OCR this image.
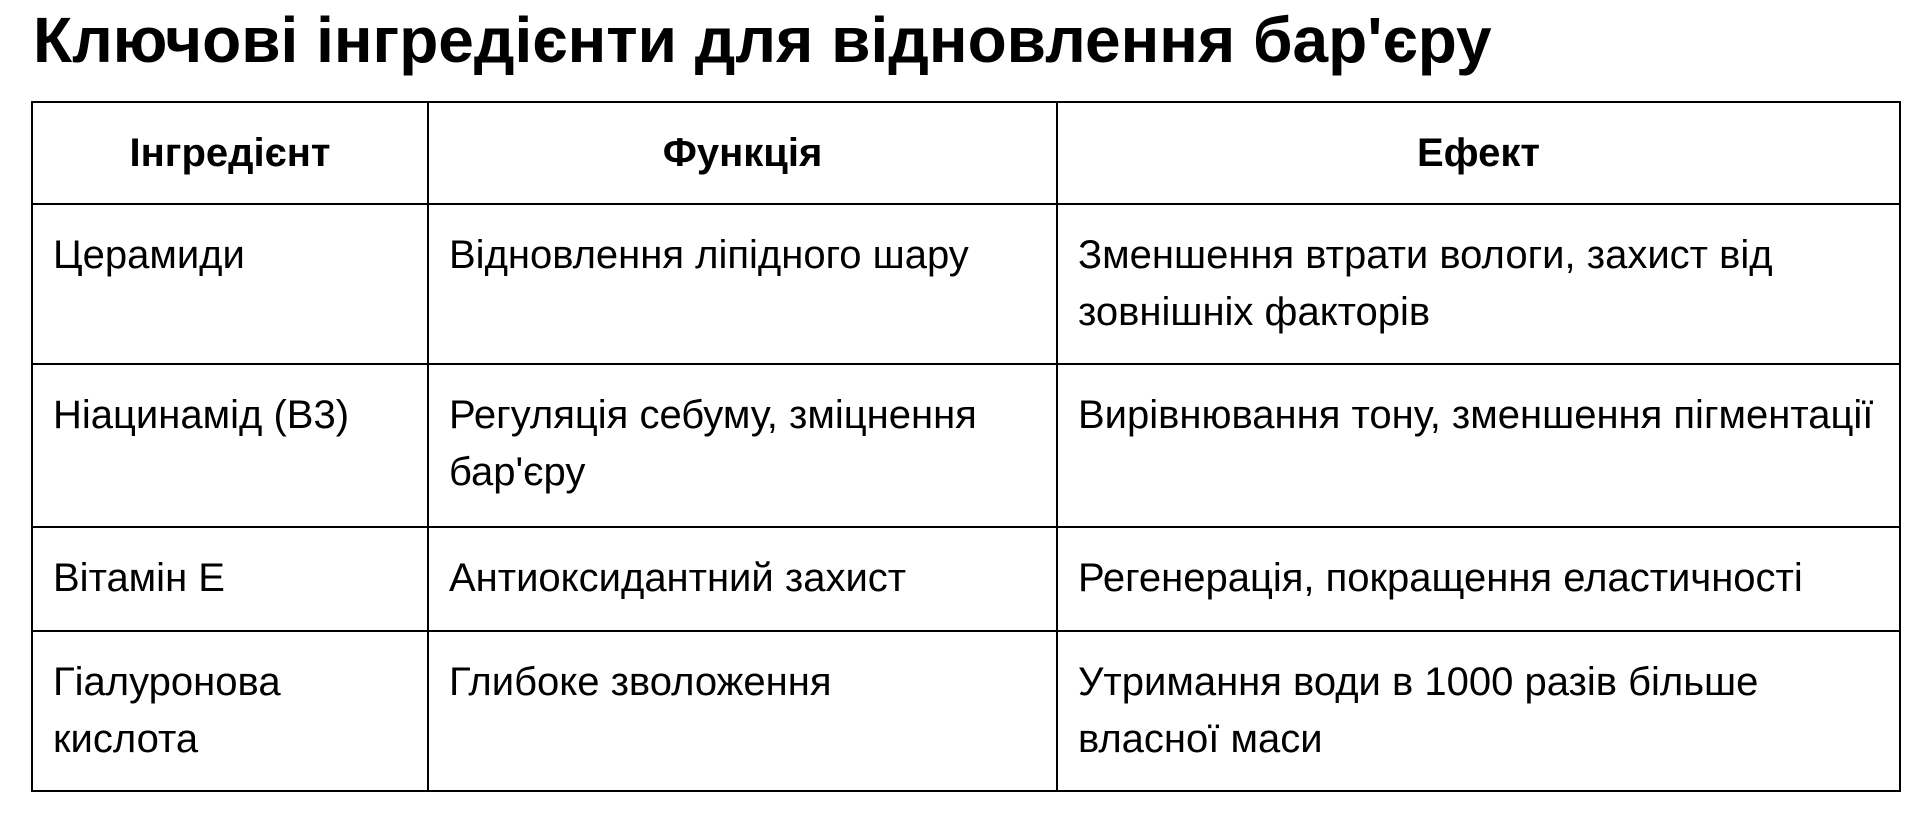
Ключові інгредієнти для відновлення бар'єру
Інгредієнт	Функція	Ефект
Церамиди	Відновлення ліпідного шару	Зменшення втрати вологи, захист від зовнішніх факторів
Ніацинамід (B3)	Регуляція себуму, зміцнення бар'єру	Вирівнювання тону, зменшення пігментації
Вітамін Е	Антиоксидантний захист	Регенерація, покращення еластичності
Гіалуронова кислота	Глибоке зволоження	Утримання води в 1000 разів більше власної маси
